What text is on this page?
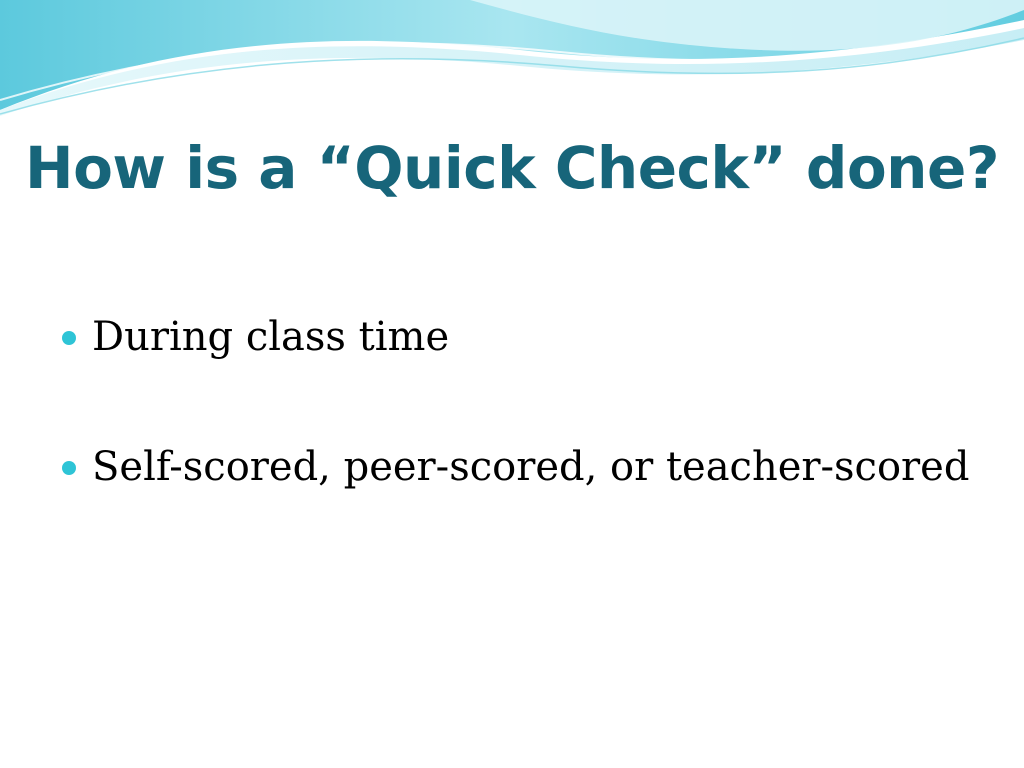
How is a “Quick Check” done?
During class time
Self-scored, peer-scored, or teacher-scored
